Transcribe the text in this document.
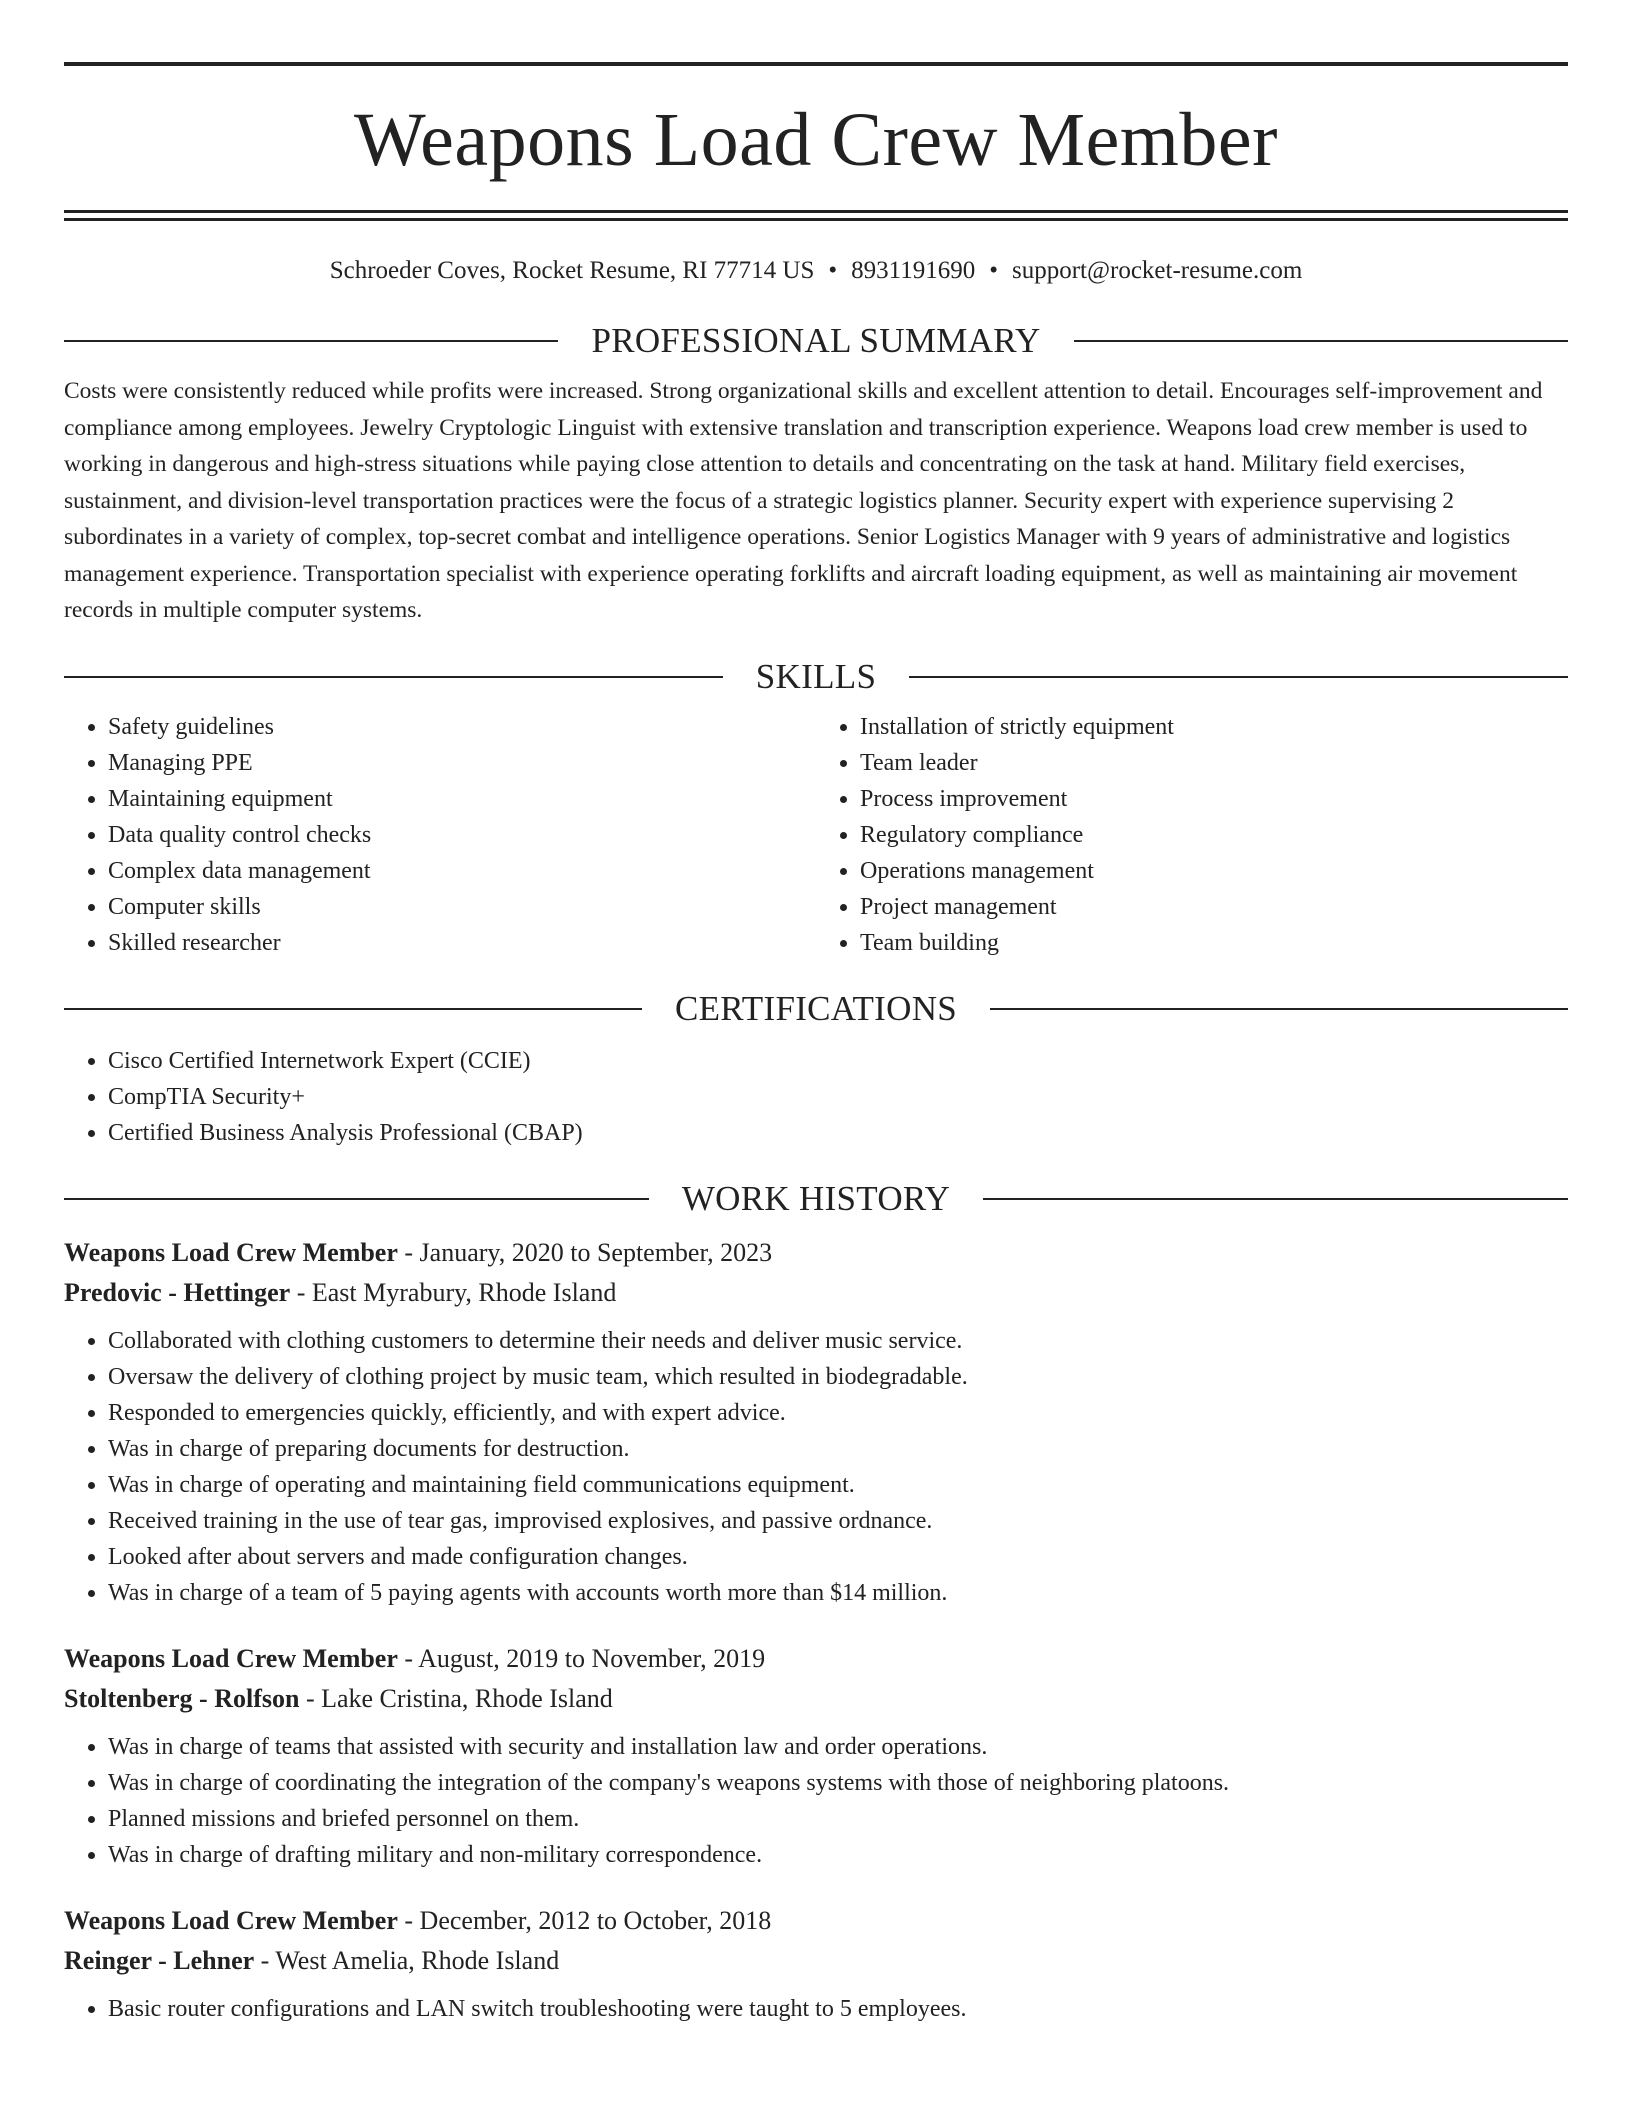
Weapons Load Crew Member
Schroeder Coves, Rocket Resume, RI 77714 US • 8931191690 • support@rocket-resume.com
PROFESSIONAL SUMMARY
Costs were consistently reduced while profits were increased. Strong organizational skills and excellent attention to detail. Encourages self-improvement and compliance among employees. Jewelry Cryptologic Linguist with extensive translation and transcription experience. Weapons load crew member is used to working in dangerous and high-stress situations while paying close attention to details and concentrating on the task at hand. Military field exercises, sustainment, and division-level transportation practices were the focus of a strategic logistics planner. Security expert with experience supervising 2 subordinates in a variety of complex, top-secret combat and intelligence operations. Senior Logistics Manager with 9 years of administrative and logistics management experience. Transportation specialist with experience operating forklifts and aircraft loading equipment, as well as maintaining air movement records in multiple computer systems.
SKILLS
• Safety guidelines
• Managing PPE
• Maintaining equipment
• Data quality control checks
• Complex data management
• Computer skills
• Skilled researcher
• Installation of strictly equipment
• Team leader
• Process improvement
• Regulatory compliance
• Operations management
• Project management
• Team building
CERTIFICATIONS
• Cisco Certified Internetwork Expert (CCIE)
• CompTIA Security+
• Certified Business Analysis Professional (CBAP)
WORK HISTORY
Weapons Load Crew Member - January, 2020 to September, 2023
Predovic - Hettinger - East Myrabury, Rhode Island
• Collaborated with clothing customers to determine their needs and deliver music service.
• Oversaw the delivery of clothing project by music team, which resulted in biodegradable.
• Responded to emergencies quickly, efficiently, and with expert advice.
• Was in charge of preparing documents for destruction.
• Was in charge of operating and maintaining field communications equipment.
• Received training in the use of tear gas, improvised explosives, and passive ordnance.
• Looked after about servers and made configuration changes.
• Was in charge of a team of 5 paying agents with accounts worth more than $14 million.
Weapons Load Crew Member - August, 2019 to November, 2019
Stoltenberg - Rolfson - Lake Cristina, Rhode Island
• Was in charge of teams that assisted with security and installation law and order operations.
• Was in charge of coordinating the integration of the company's weapons systems with those of neighboring platoons.
• Planned missions and briefed personnel on them.
• Was in charge of drafting military and non-military correspondence.
Weapons Load Crew Member - December, 2012 to October, 2018
Reinger - Lehner - West Amelia, Rhode Island
• Basic router configurations and LAN switch troubleshooting were taught to 5 employees.
